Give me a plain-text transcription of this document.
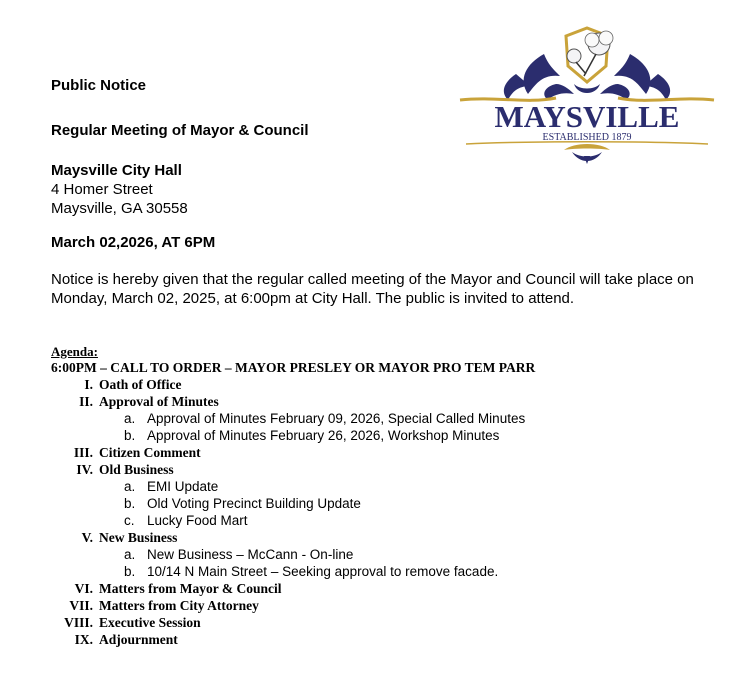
Public Notice
Regular Meeting of Mayor & Council
Maysville City Hall
4 Homer Street
Maysville, GA 30558
March 02,2026, AT 6PM
Notice is hereby given that the regular called meeting of the Mayor and Council will take place on Monday, March 02, 2025, at 6:00pm at City Hall. The public is invited to attend.
MAYSVILLE
ESTABLISHED 1879
Agenda:
6:00PM – CALL TO ORDER – MAYOR PRESLEY OR MAYOR PRO TEM PARR
I. Oath of Office
II. Approval of Minutes
a. Approval of Minutes February 09, 2026, Special Called Minutes
b. Approval of Minutes February 26, 2026, Workshop Minutes
III. Citizen Comment
IV. Old Business
a. EMI Update
b. Old Voting Precinct Building Update
c. Lucky Food Mart
V. New Business
a. New Business – McCann - On-line
b. 10/14 N Main Street – Seeking approval to remove facade.
VI. Matters from Mayor & Council
VII. Matters from City Attorney
VIII. Executive Session
IX. Adjournment
